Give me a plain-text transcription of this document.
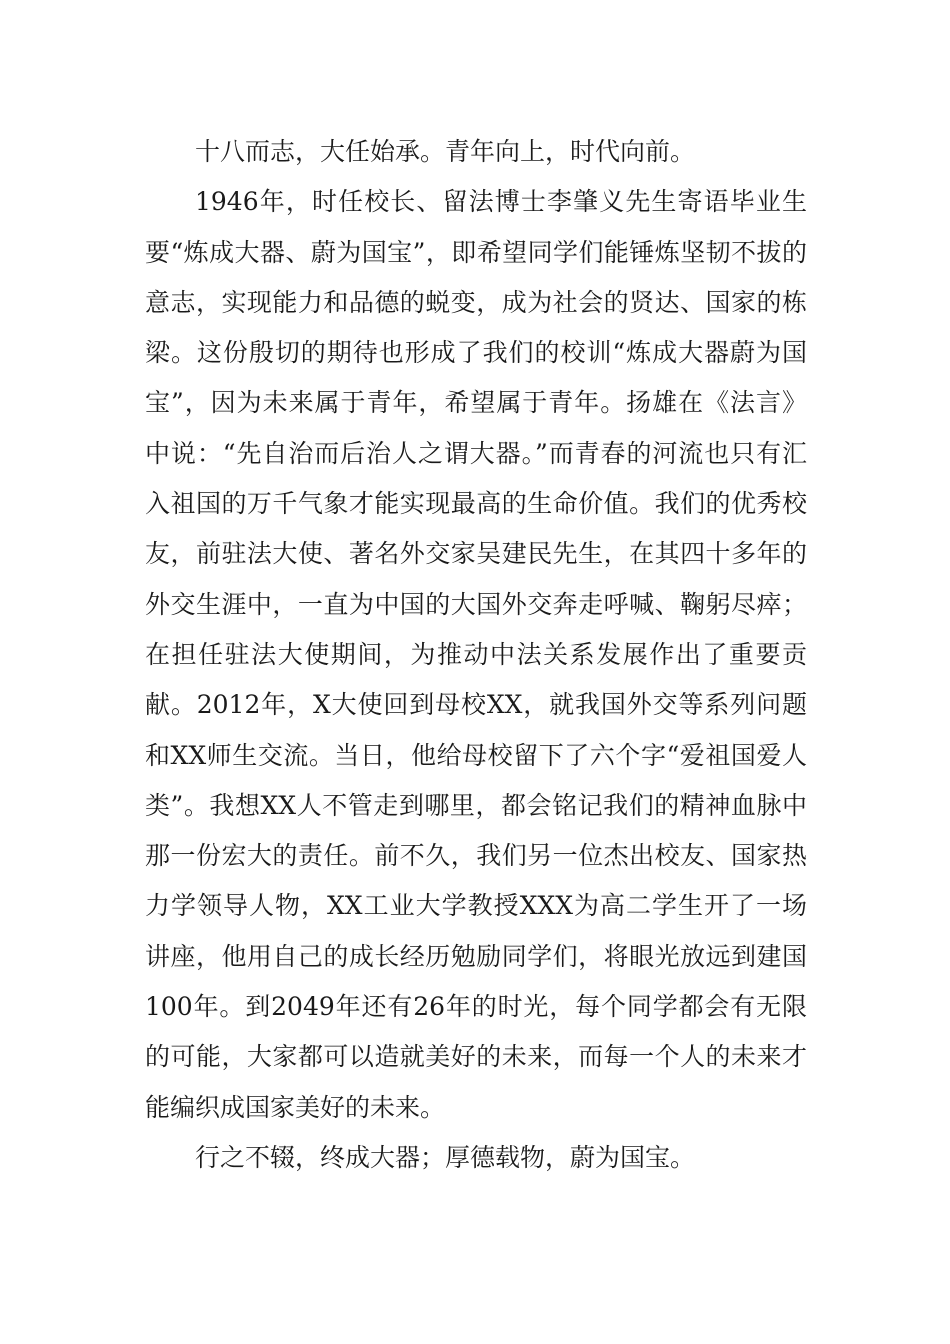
十八而志，大任始承。青年向上，时代向前。

1946年，时任校长、留法博士李肇义先生寄语毕业生要“炼成大器、蔚为国宝”，即希望同学们能锤炼坚韧不拔的意志，实现能力和品德的蜕变，成为社会的贤达、国家的栋梁。这份殷切的期待也形成了我们的校训“炼成大器蔚为国宝”，因为未来属于青年，希望属于青年。扬雄在《法言》中说：“先自治而后治人之谓大器。”而青春的河流也只有汇入祖国的万千气象才能实现最高的生命价值。我们的优秀校友，前驻法大使、著名外交家吴建民先生，在其四十多年的外交生涯中，一直为中国的大国外交奔走呼喊、鞠躬尽瘁；在担任驻法大使期间，为推动中法关系发展作出了重要贡献。2012年，X大使回到母校XX，就我国外交等系列问题和XX师生交流。当日，他给母校留下了六个字“爱祖国爱人类”。我想XX人不管走到哪里，都会铭记我们的精神血脉中那一份宏大的责任。前不久，我们另一位杰出校友、国家热力学领导人物，XX工业大学教授XXX为高二学生开了一场讲座，他用自己的成长经历勉励同学们，将眼光放远到建国100年。到2049年还有26年的时光，每个同学都会有无限的可能，大家都可以造就美好的未来，而每一个人的未来才能编织成国家美好的未来。

行之不辍，终成大器；厚德载物，蔚为国宝。
